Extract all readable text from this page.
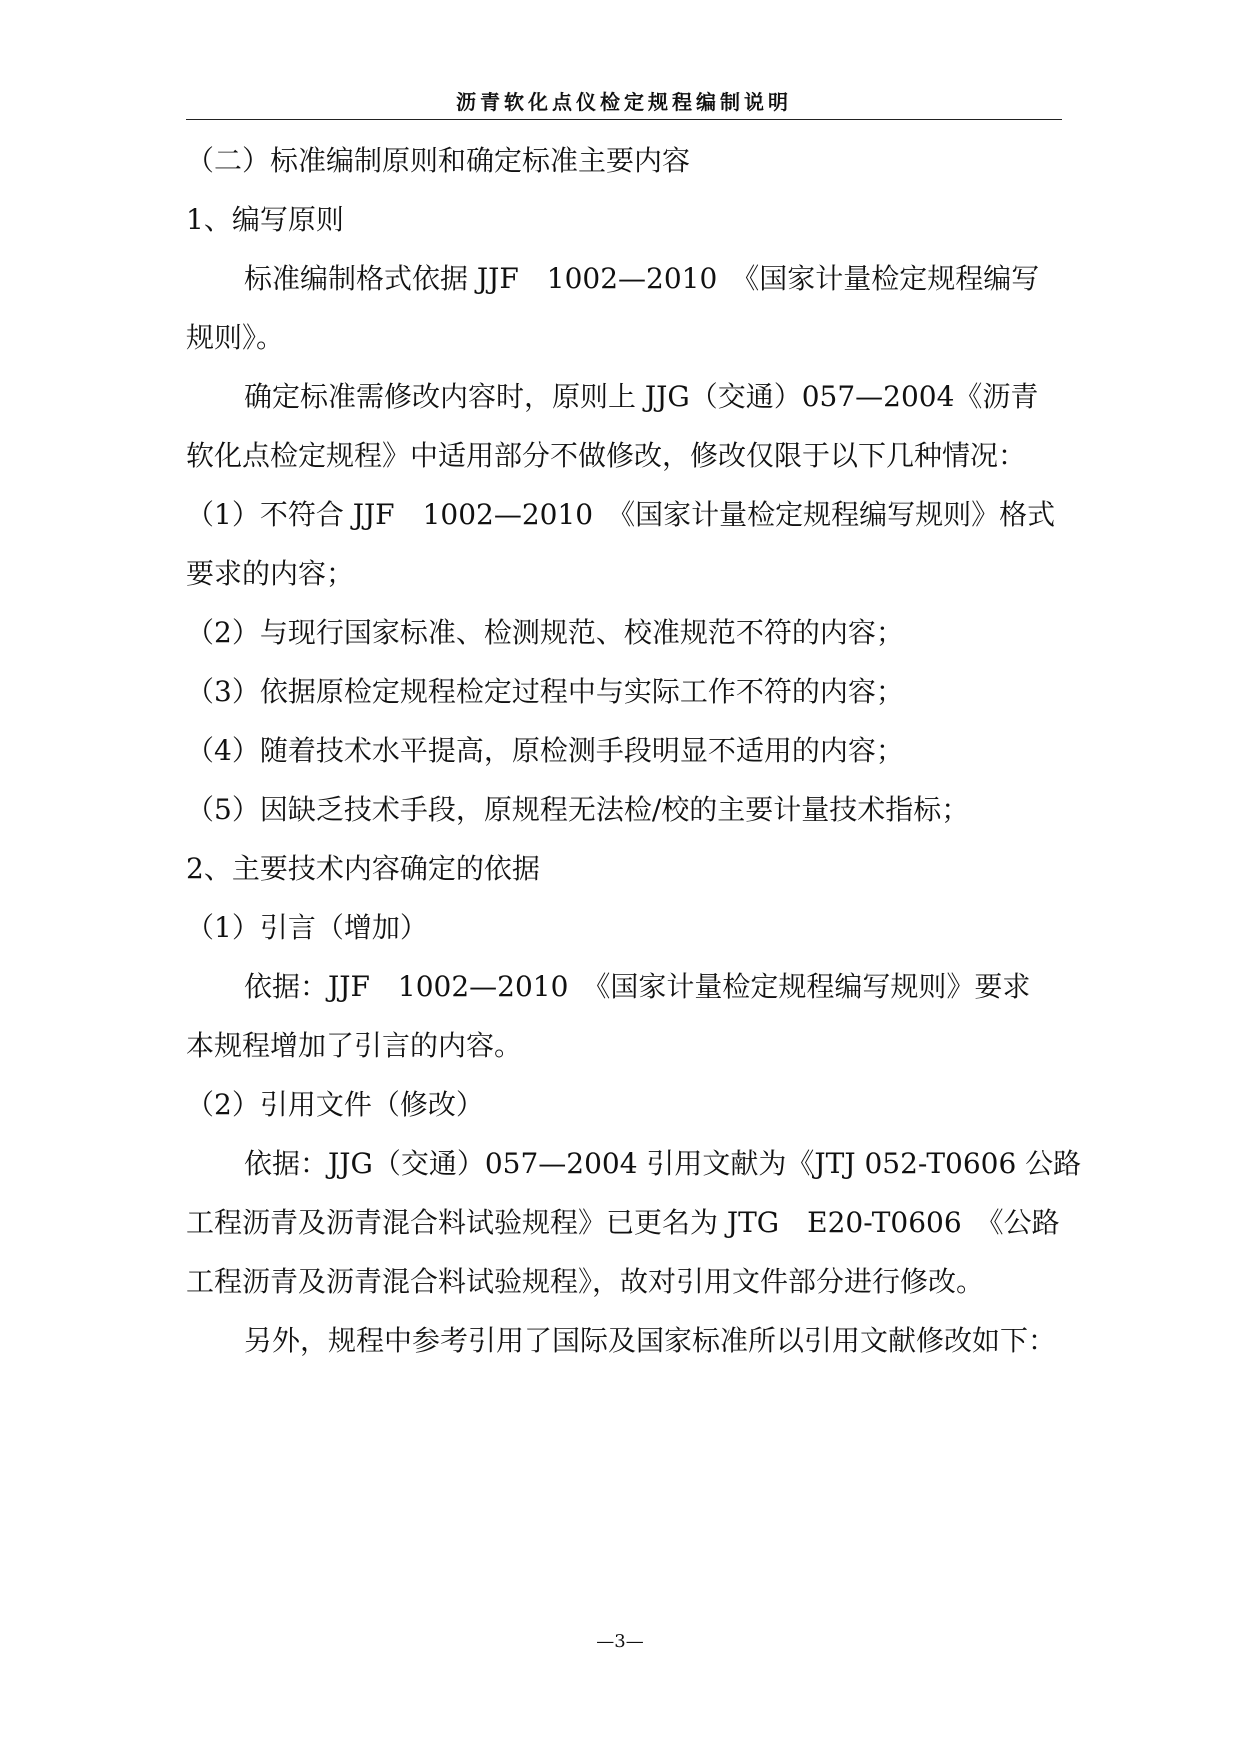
沥青软化点仪检定规程编制说明
（二）标准编制原则和确定标准主要内容
1、编写原则
标准编制格式依据 JJF　1002—2010　《国家计量检定规程编写
规则》。
确定标准需修改内容时，原则上 JJG（交通）057—2004《沥青
软化点检定规程》中适用部分不做修改，修改仅限于以下几种情况：
（1）不符合 JJF　1002—2010　《国家计量检定规程编写规则》格式
要求的内容；
（2）与现行国家标准、检测规范、校准规范不符的内容；
（3）依据原检定规程检定过程中与实际工作不符的内容；
（4）随着技术水平提高，原检测手段明显不适用的内容；
（5）因缺乏技术手段，原规程无法检/校的主要计量技术指标；
2、主要技术内容确定的依据
（1）引言（增加）
依据：JJF　1002—2010　《国家计量检定规程编写规则》要求
本规程增加了引言的内容。
（2）引用文件（修改）
依据：JJG（交通）057—2004 引用文献为《JTJ 052-T0606 公路
工程沥青及沥青混合料试验规程》已更名为 JTG　E20-T0606　《公路
工程沥青及沥青混合料试验规程》，故对引用文件部分进行修改。
另外，规程中参考引用了国际及国家标准所以引用文献修改如下：
—3—
